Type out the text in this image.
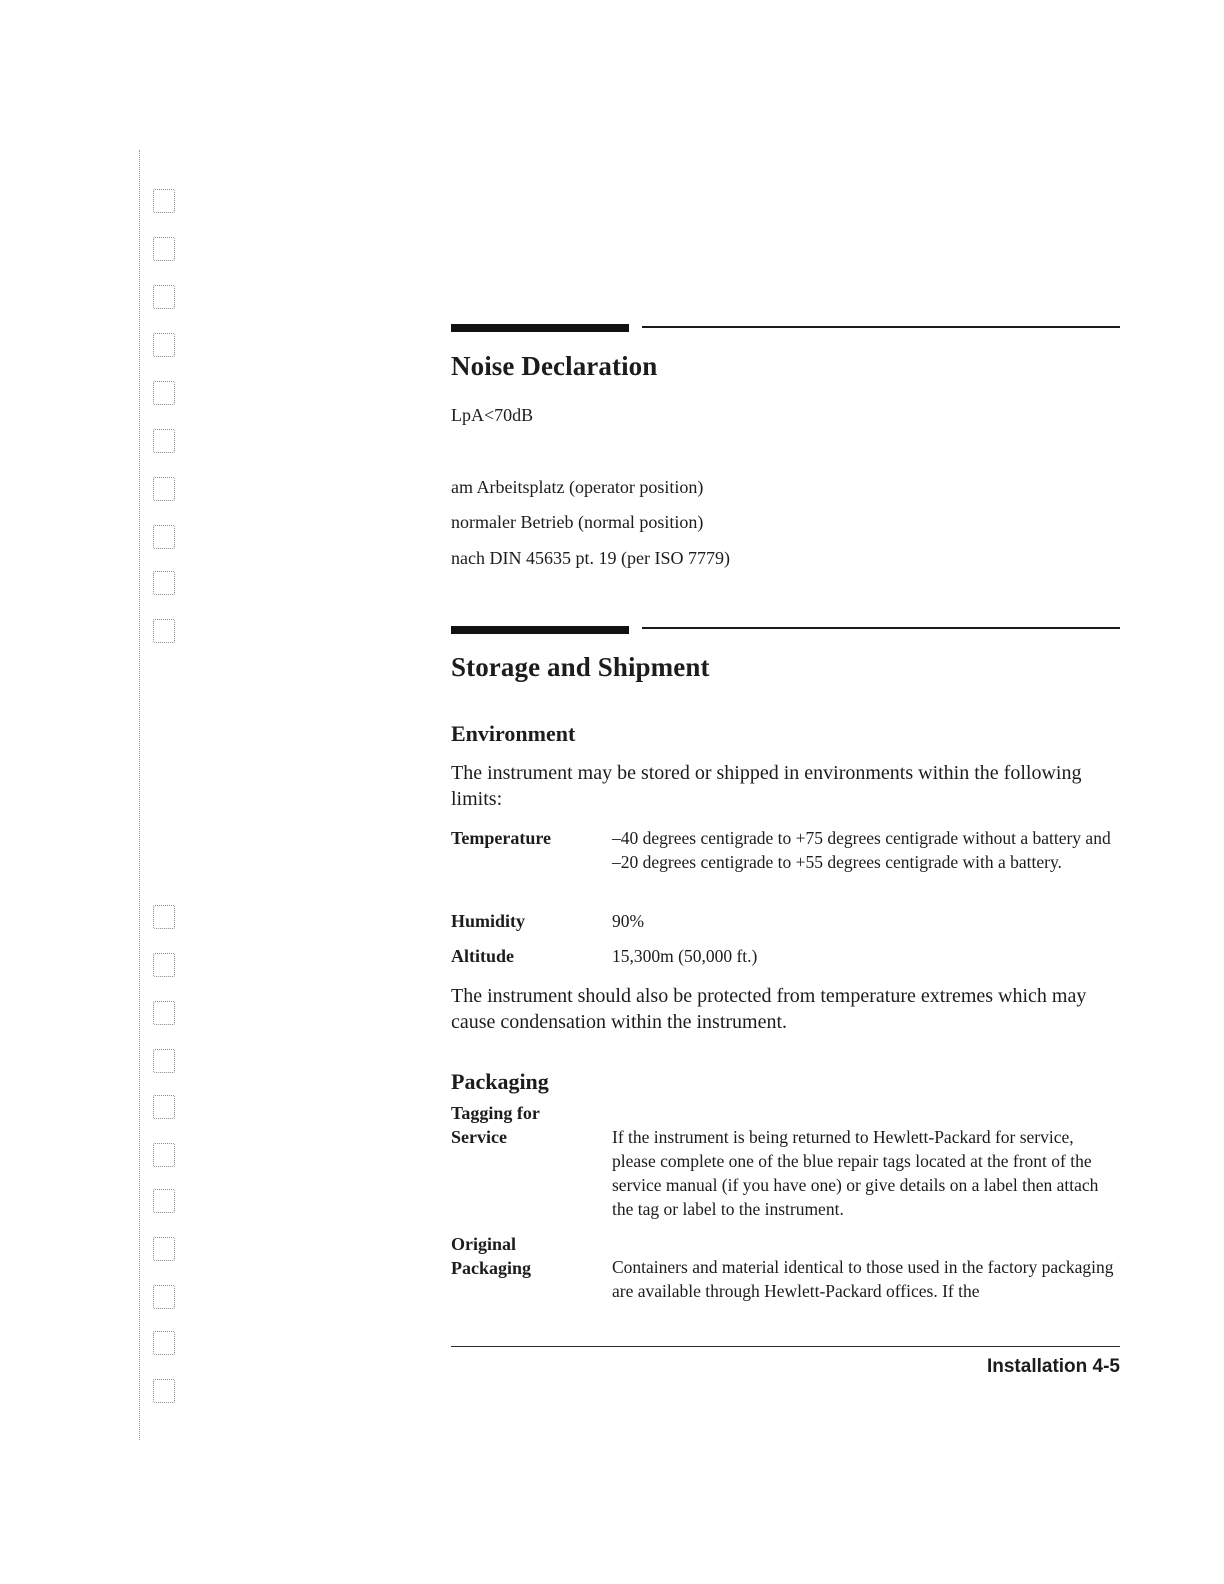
Noise Declaration
LpA<70dB
am Arbeitsplatz (operator position)
normaler Betrieb (normal position)
nach DIN 45635 pt. 19 (per ISO 7779)
Storage and Shipment
Environment
The instrument may be stored or shipped in environments within the following limits:
Temperature	–40 degrees centigrade to +75 degrees centigrade without a battery and –20 degrees centigrade to +55 degrees centigrade with a battery.
Humidity	90%
Altitude	15,300m (50,000 ft.)
The instrument should also be protected from temperature extremes which may cause condensation within the instrument.
Packaging
Tagging for Service	If the instrument is being returned to Hewlett-Packard for service, please complete one of the blue repair tags located at the front of the service manual (if you have one) or give details on a label then attach the tag or label to the instrument.
Original Packaging	Containers and material identical to those used in the factory packaging are available through Hewlett-Packard offices. If the
Installation 4-5
